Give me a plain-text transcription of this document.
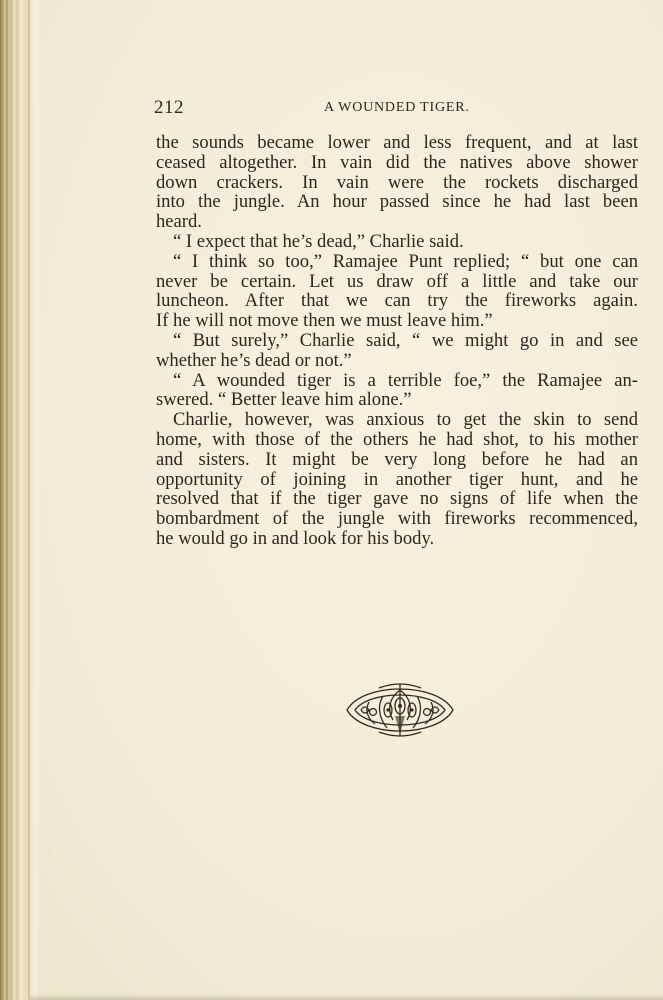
212	A WOUNDED TIGER.
the sounds became lower and less frequent, and at last
ceased altogether. In vain did the natives above shower
down crackers. In vain were the rockets discharged
into the jungle. An hour passed since he had last been
heard.
“ I expect that he’s dead,” Charlie said.
“ I think so too,” Ramajee Punt replied; “ but one can
never be certain. Let us draw off a little and take our
luncheon. After that we can try the fireworks again.
If he will not move then we must leave him.”
“ But surely,” Charlie said, “ we might go in and see
whether he’s dead or not.”
“ A wounded tiger is a terrible foe,” the Ramajee an-
swered. “ Better leave him alone.”
Charlie, however, was anxious to get the skin to send
home, with those of the others he had shot, to his mother
and sisters. It might be very long before he had an
opportunity of joining in another tiger hunt, and he
resolved that if the tiger gave no signs of life when the
bombardment of the jungle with fireworks recommenced,
he would go in and look for his body.
